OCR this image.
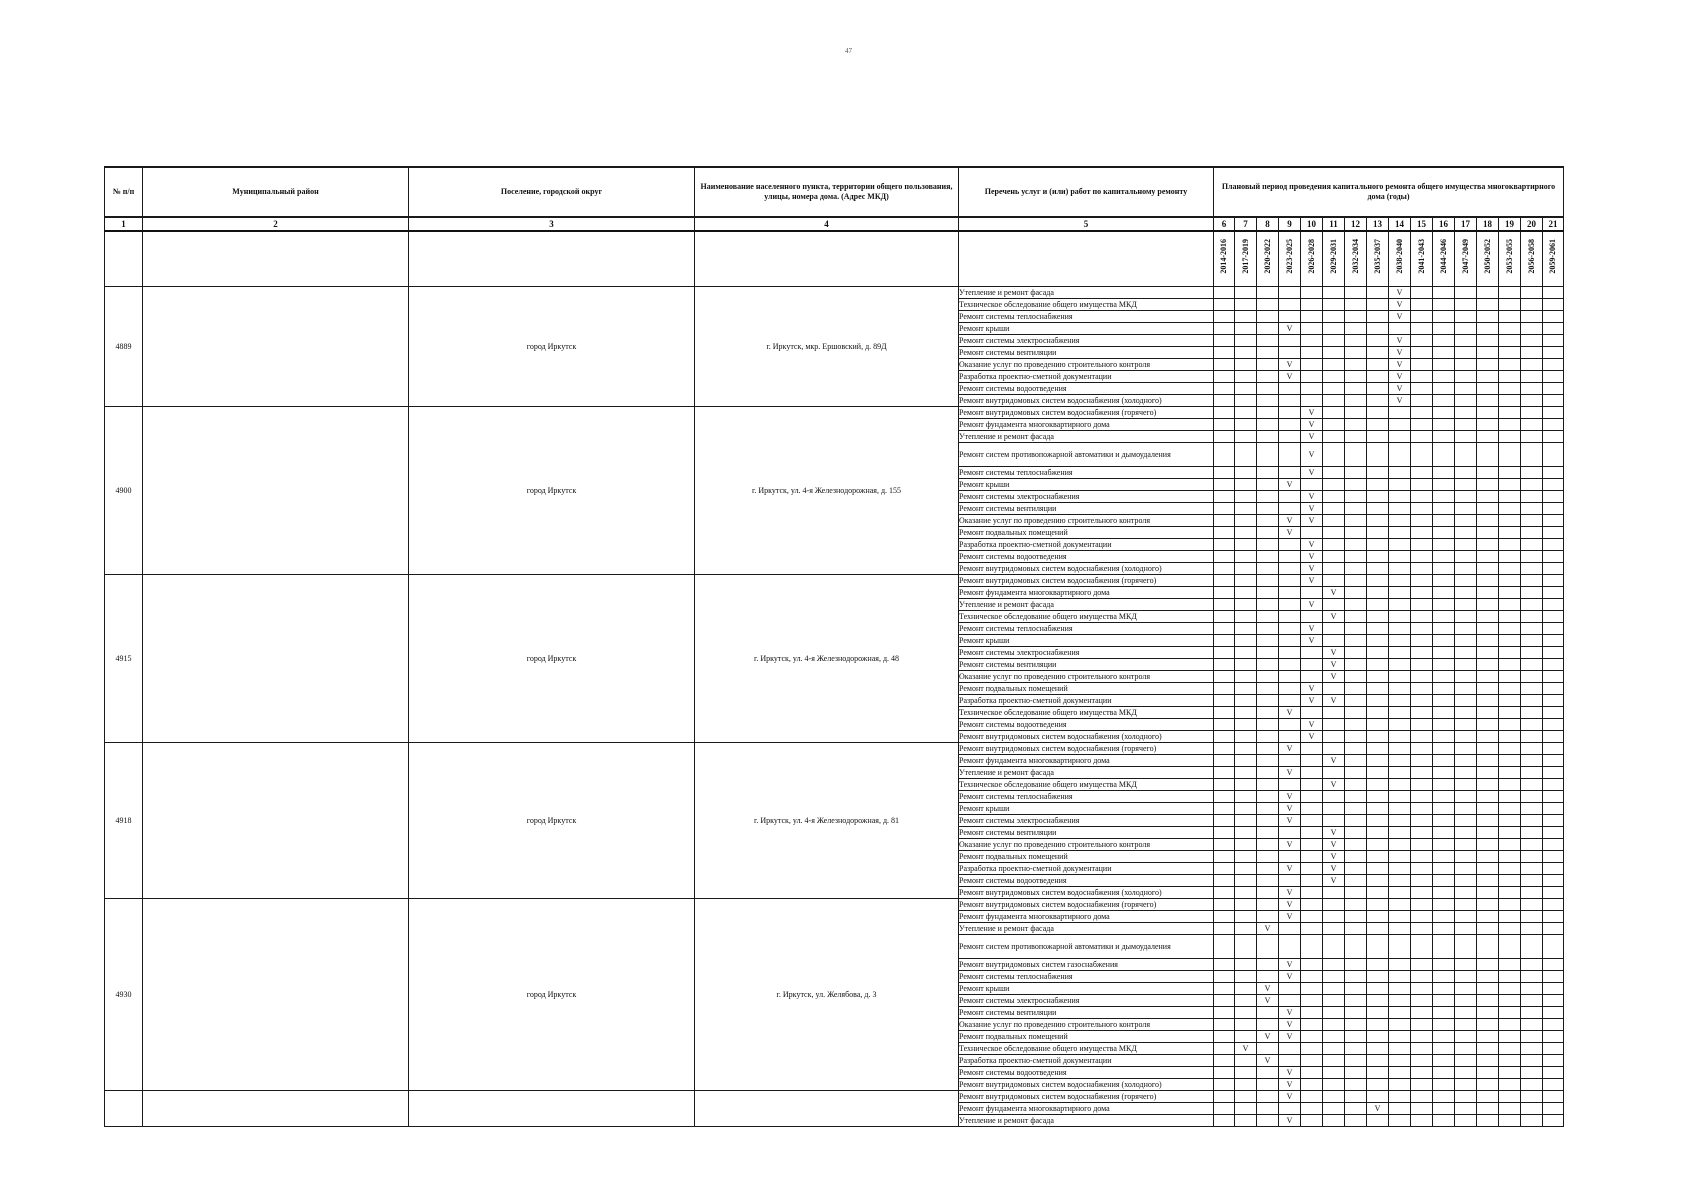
47
№ п/п	Муниципальный район	Поселение, городской округ	Наименование населенного пункта, территории общего пользования, улицы, номера дома. (Адрес МКД)	Перечень услуг и (или) работ по капитальному ремонту	Плановый период проведения капитального ремонта общего имущества многоквартирного дома (годы)															
1	2	3	4	5	6	7	8	9	10	11	12	13	14	15	16	17	18	19	20	21
					2014-2016	2017-2019	2020-2022	2023-2025	2026-2028	2029-2031	2032-2034	2035-2037	2038-2040	2041-2043	2044-2046	2047-2049	2050-2052	2053-2055	2056-2058	2059-2061
4889		город Иркутск	г. Иркутск, мкр. Ершовский, д. 89Д	Утепление и ремонт фасада									V							
				Техническое обследование общего имущества МКД									V							
				Ремонт системы теплоснабжения									V							
				Ремонт крыши				V												
				Ремонт системы электроснабжения									V							
				Ремонт системы вентиляции									V							
				Оказание услуг по проведению строительного контроля				V					V							
				Разработка проектно-сметной документации				V					V							
				Ремонт системы водоотведения									V							
				Ремонт внутридомовых систем водоснабжения (холодного)									V							
4900		город Иркутск	г. Иркутск, ул. 4-я Железнодорожная, д. 155	Ремонт внутридомовых систем водоснабжения (горячего)					V											
				Ремонт фундамента многоквартирного дома					V											
				Утепление и ремонт фасада					V											
				Ремонт систем противопожарной автоматики и дымоудаления					V											
				Ремонт системы теплоснабжения					V											
				Ремонт крыши				V												
				Ремонт системы электроснабжения					V											
				Ремонт системы вентиляции					V											
				Оказание услуг по проведению строительного контроля				V	V											
				Ремонт подвальных помещений				V												
				Разработка проектно-сметной документации					V											
				Ремонт системы водоотведения					V											
				Ремонт внутридомовых систем водоснабжения (холодного)					V											
4915		город Иркутск	г. Иркутск, ул. 4-я Железнодорожная, д. 48	Ремонт внутридомовых систем водоснабжения (горячего)					V											
				Ремонт фундамента многоквартирного дома						V										
				Утепление и ремонт фасада					V											
				Техническое обследование общего имущества МКД						V										
				Ремонт системы теплоснабжения					V											
				Ремонт крыши					V											
				Ремонт системы электроснабжения						V										
				Ремонт системы вентиляции						V										
				Оказание услуг по проведению строительного контроля						V										
				Ремонт подвальных помещений					V											
				Разработка проектно-сметной документации					V	V										
				Техническое обследование общего имущества МКД				V												
				Ремонт системы водоотведения					V											
				Ремонт внутридомовых систем водоснабжения (холодного)					V											
4918		город Иркутск	г. Иркутск, ул. 4-я Железнодорожная, д. 81	Ремонт внутридомовых систем водоснабжения (горячего)				V												
				Ремонт фундамента многоквартирного дома						V										
				Утепление и ремонт фасада				V												
				Техническое обследование общего имущества МКД						V										
				Ремонт системы теплоснабжения				V												
				Ремонт крыши				V												
				Ремонт системы электроснабжения				V												
				Ремонт системы вентиляции						V										
				Оказание услуг по проведению строительного контроля				V		V										
				Ремонт подвальных помещений						V										
				Разработка проектно-сметной документации				V		V										
				Ремонт системы водоотведения						V										
				Ремонт внутридомовых систем водоснабжения (холодного)				V												
4930		город Иркутск	г. Иркутск, ул. Желябова, д. 3	Ремонт внутридомовых систем водоснабжения (горячего)				V												
				Ремонт фундамента многоквартирного дома				V												
				Утепление и ремонт фасада			V													
				Ремонт систем противопожарной автоматики и дымоудаления																
				Ремонт внутридомовых систем газоснабжения				V												
				Ремонт системы теплоснабжения				V												
				Ремонт крыши			V													
				Ремонт системы электроснабжения			V													
				Ремонт системы вентиляции				V												
				Оказание услуг по проведению строительного контроля				V												
				Ремонт подвальных помещений			V	V												
				Техническое обследование общего имущества МКД		V														
				Разработка проектно-сметной документации			V													
				Ремонт системы водоотведения				V												
				Ремонт внутридомовых систем водоснабжения (холодного)				V												
				Ремонт внутридомовых систем водоснабжения (горячего)				V												
				Ремонт фундамента многоквартирного дома								V								
				Утепление и ремонт фасада				V												
